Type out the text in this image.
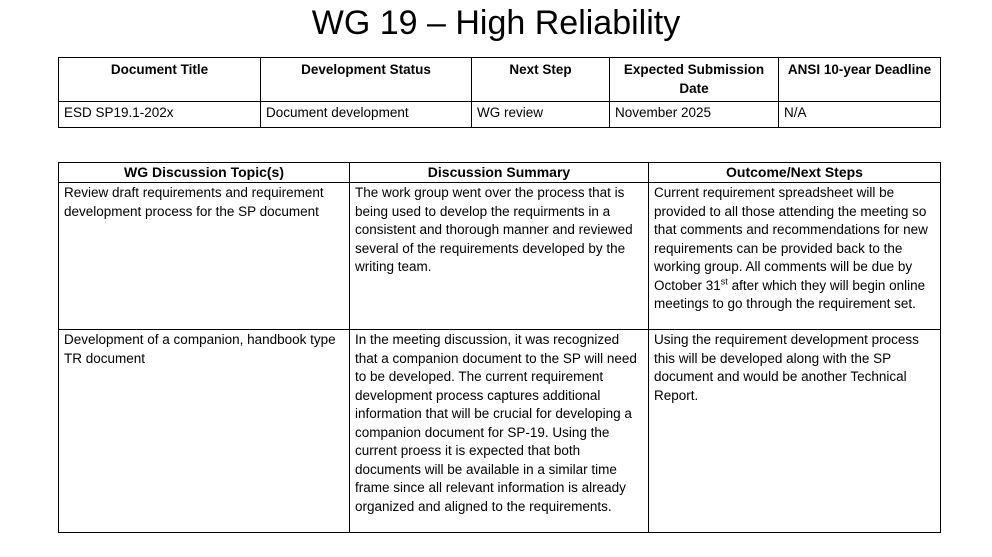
WG 19 – High Reliability
Document Title	Development Status	Next Step	Expected Submission Date	ANSI 10-year Deadline
ESD SP19.1-202x	Document development	WG review	November 2025	N/A
WG Discussion Topic(s)	Discussion Summary	Outcome/Next Steps
Review draft requirements and requirement development process for the SP document	The work group went over the process that is being used to develop the requirments in a consistent and thorough manner and reviewed several of the requirements developed by the writing team.	Current requirement spreadsheet will be provided to all those attending the meeting so that comments and recommendations for new requirements can be provided back to the working group. All comments will be due by October 31st after which they will begin online meetings to go through the requirement set.
Development of a companion, handbook type TR document	In the meeting discussion, it was recognized that a companion document to the SP will need to be developed. The current requirement development process captures additional information that will be crucial for developing a companion document for SP-19. Using the current proess it is expected that both documents will be available in a similar time frame since all relevant information is already organized and aligned to the requirements.	Using the requirement development process this will be developed along with the SP document and would be another Technical Report.
